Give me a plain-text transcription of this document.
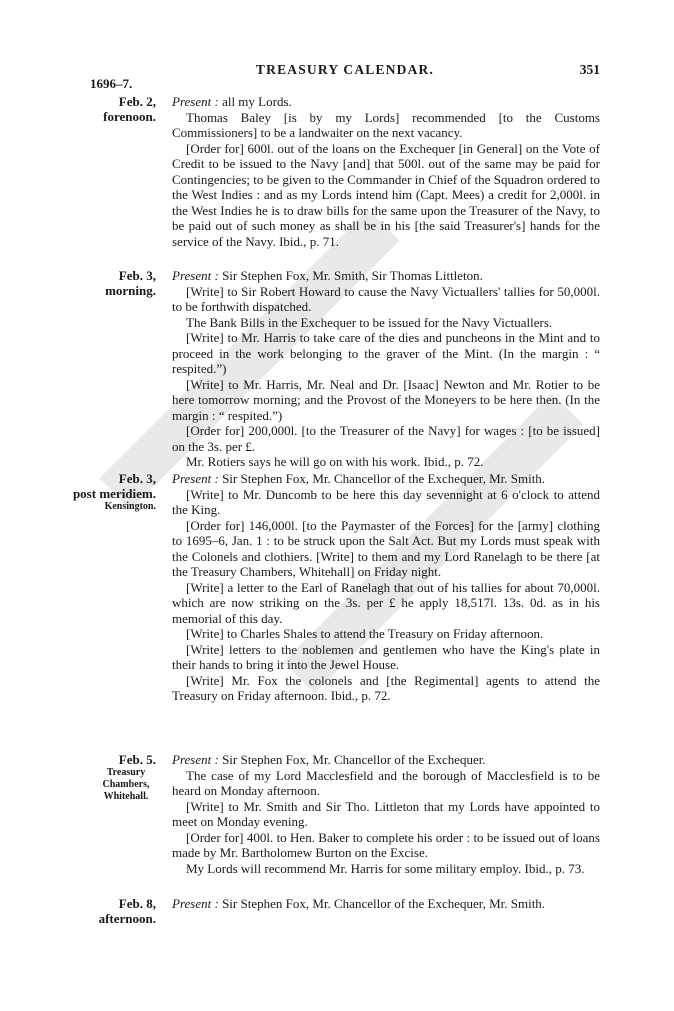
TREASURY CALENDAR.	351
1696–7.
Feb. 2,
forenoon.

Present : all my Lords.

Thomas Baley [is by my Lords] recommended [to the Customs Commissioners] to be a landwaiter on the next vacancy.

[Order for] 600l. out of the loans on the Exchequer [in General] on the Vote of Credit to be issued to the Navy [and] that 500l. out of the same may be paid for Contingencies; to be given to the Commander in Chief of the Squadron ordered to the West Indies : and as my Lords intend him (Capt. Mees) a credit for 2,000l. in the West Indies he is to draw bills for the same upon the Treasurer of the Navy, to be paid out of such money as shall be in his [the said Treasurer's] hands for the service of the Navy. Ibid., p. 71.

Feb. 3,
morning.

Present : Sir Stephen Fox, Mr. Smith, Sir Thomas Littleton.

[Write] to Sir Robert Howard to cause the Navy Victuallers' tallies for 50,000l. to be forthwith dispatched.

The Bank Bills in the Exchequer to be issued for the Navy Victuallers.

[Write] to Mr. Harris to take care of the dies and puncheons in the Mint and to proceed in the work belonging to the graver of the Mint. (In the margin : “ respited.”)

[Write] to Mr. Harris, Mr. Neal and Dr. [Isaac] Newton and Mr. Rotier to be here tomorrow morning; and the Provost of the Moneyers to be here then. (In the margin : “ respited.”)

[Order for] 200,000l. [to the Treasurer of the Navy] for wages : [to be issued] on the 3s. per £.

Mr. Rotiers says he will go on with his work. Ibid., p. 72.

Feb. 3,
post meridiem.
Kensington.

Present : Sir Stephen Fox, Mr. Chancellor of the Exchequer, Mr. Smith.

[Write] to Mr. Duncomb to be here this day sevennight at 6 o'clock to attend the King.

[Order for] 146,000l. [to the Paymaster of the Forces] for the [army] clothing to 1695–6, Jan. 1 : to be struck upon the Salt Act. But my Lords must speak with the Colonels and clothiers. [Write] to them and my Lord Ranelagh to be there [at the Treasury Chambers, Whitehall] on Friday night.

[Write] a letter to the Earl of Ranelagh that out of his tallies for about 70,000l. which are now striking on the 3s. per £ he apply 18,517l. 13s. 0d. as in his memorial of this day.

[Write] to Charles Shales to attend the Treasury on Friday afternoon.

[Write] letters to the noblemen and gentlemen who have the King's plate in their hands to bring it into the Jewel House.

[Write] Mr. Fox the colonels and [the Regimental] agents to attend the Treasury on Friday afternoon. Ibid., p. 72.

Feb. 5.
Treasury Chambers, Whitehall.

Present : Sir Stephen Fox, Mr. Chancellor of the Exchequer.

The case of my Lord Macclesfield and the borough of Macclesfield is to be heard on Monday afternoon.

[Write] to Mr. Smith and Sir Tho. Littleton that my Lords have appointed to meet on Monday evening.

[Order for] 400l. to Hen. Baker to complete his order : to be issued out of loans made by Mr. Bartholomew Burton on the Excise.

My Lords will recommend Mr. Harris for some military employ. Ibid., p. 73.

Feb. 8,
afternoon.

Present : Sir Stephen Fox, Mr. Chancellor of the Exchequer, Mr. Smith.
